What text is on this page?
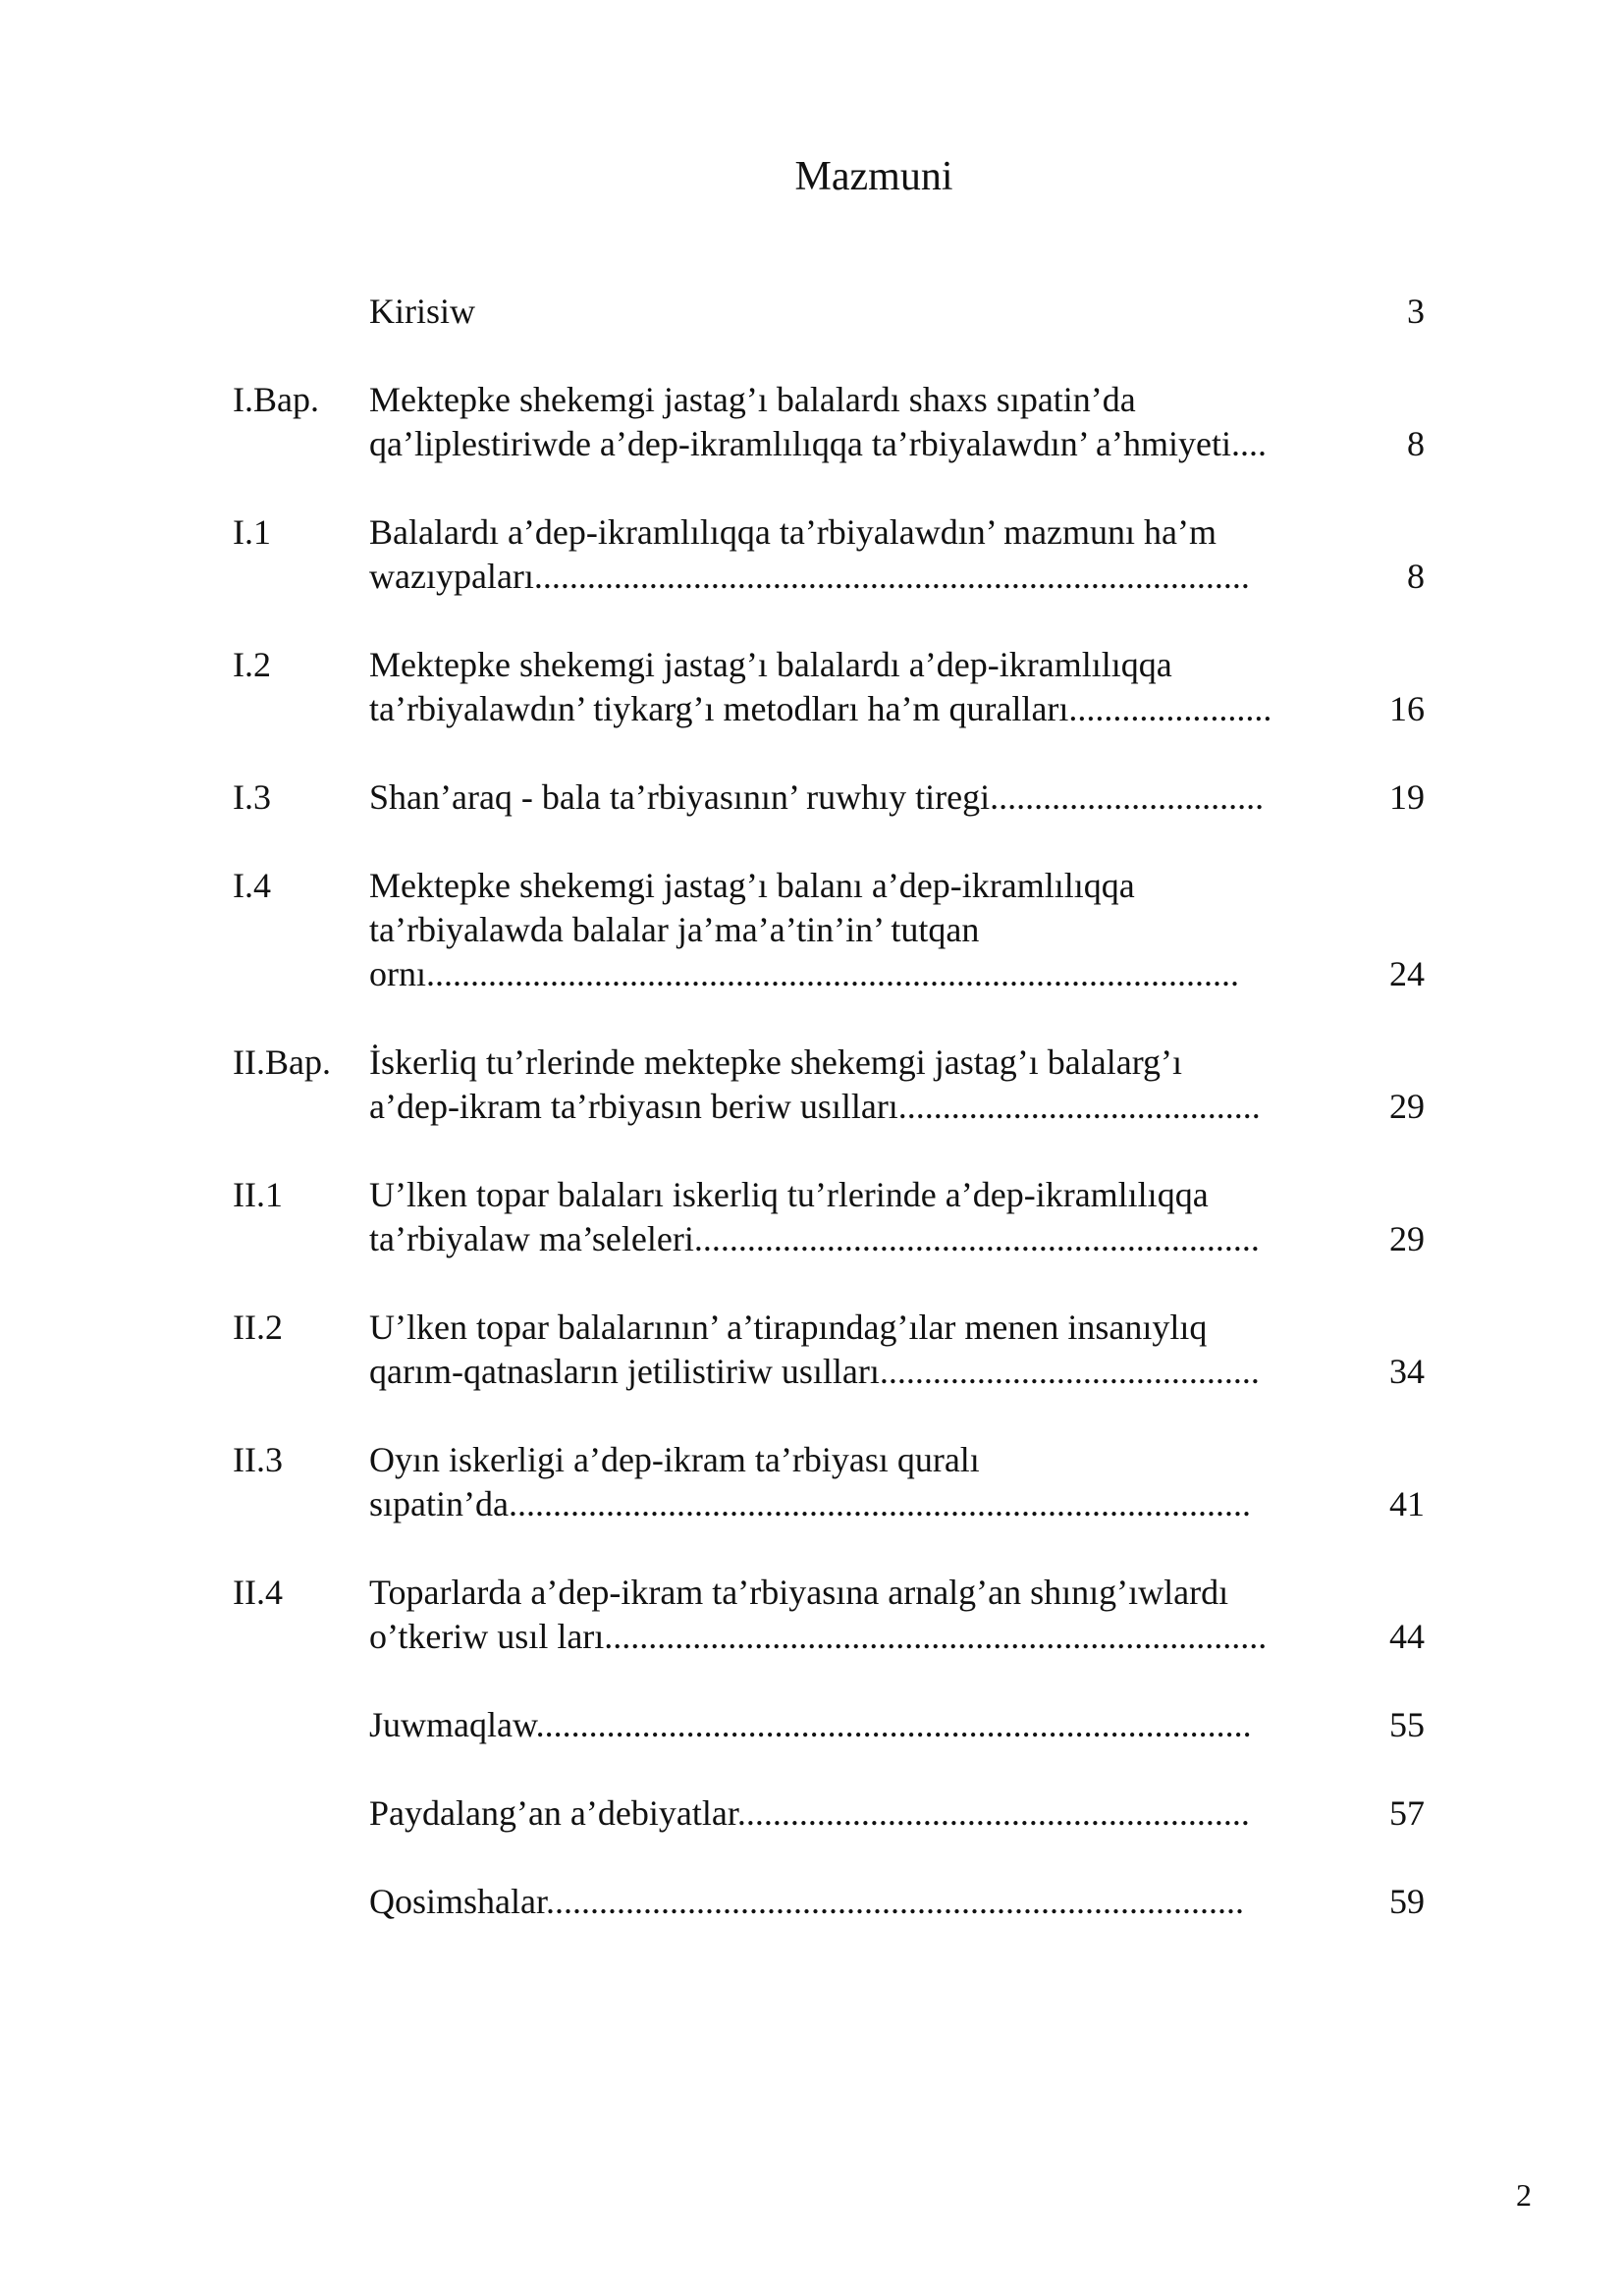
Mazmuni
Kirisiw	3
I.Bap. Mektepke shekemgi jastag’ı balalardı shaxs sıpatin’da
qa’liplestiriwde a’dep-ikramlılıqqa ta’rbiyalawdın’ a’hmiyeti....	8
I.1	Balalardı a’dep-ikramlılıqqa ta’rbiyalawdın’ mazmunı ha’m
wazıypaları.................................................................................	8
I.2	Mektepke shekemgi jastag’ı balalardı a’dep-ikramlılıqqa
ta’rbiyalawdın’ tiykarg’ı metodları ha’m quralları.......................	16
I.3	Shan’araq - bala ta’rbiyasının’ ruwhıy tiregi...............................	19
I.4	Mektepke shekemgi jastag’ı balanı a’dep-ikramlılıqqa
ta’rbiyalawda balalar ja’ma’a’tin’in’ tutqan
ornı............................................................................................	24
II.Bap. İskerliq tu’rlerinde mektepke shekemgi jastag’ı balalarg’ı
a’dep-ikram ta’rbiyasın beriw usılları.........................................	29
II.1 U’lken topar balaları iskerliq tu’rlerinde a’dep-ikramlılıqqa
ta’rbiyalaw ma’seleleri................................................................	29
II.2 U’lken topar balalarının’ a’tirapındag’ılar menen insanıylıq
qarım-qatnasların jetilistiriw usılları...........................................	34
II.3 Oyın iskerligi a’dep-ikram ta’rbiyası quralı
sıpatin’da....................................................................................	41
II.4 Toparlarda a’dep-ikram ta’rbiyasına arnalg’an shınıg’ıwlardı
o’tkeriw usıl ları...........................................................................	44
Juwmaqlaw.................................................................................	55
Paydalang’an a’debiyatlar..........................................................	57
Qosimshalar...............................................................................	59
2
